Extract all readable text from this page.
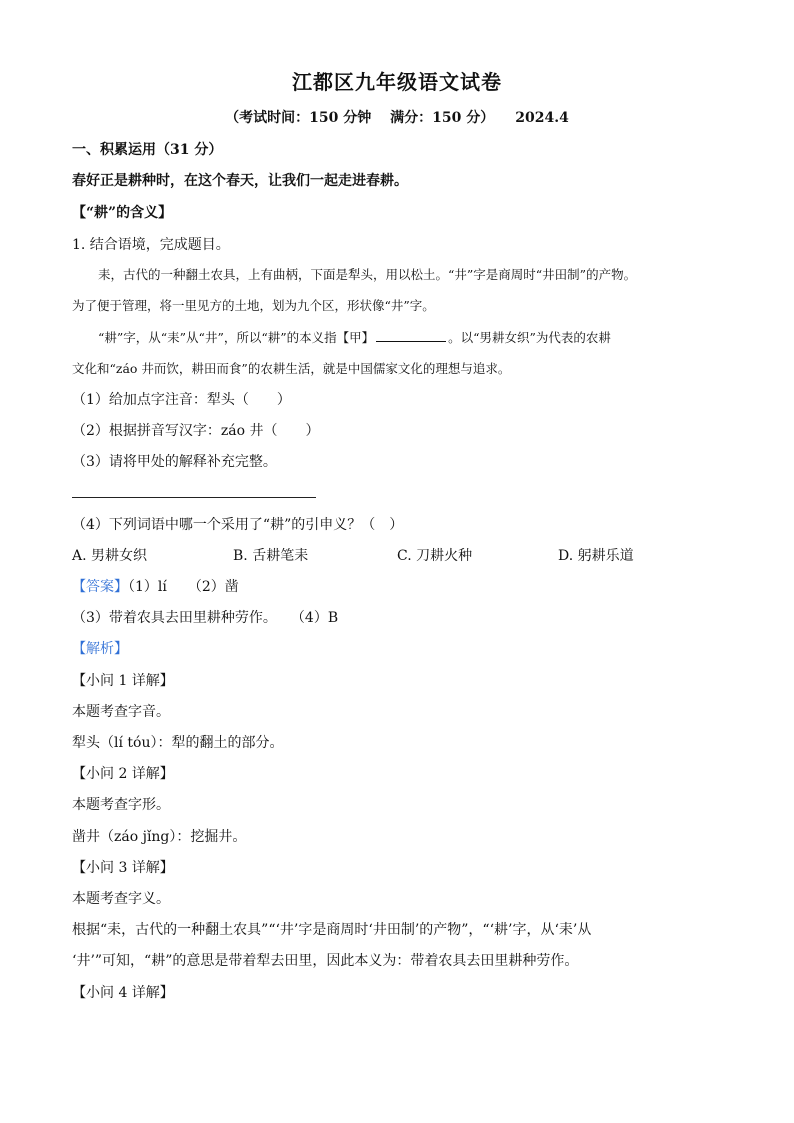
江都区九年级语文试卷
（考试时间：150 分钟　 满分：150 分）　　2024.4
一、积累运用（31 分）
春好正是耕种时，在这个春天，让我们一起走进春耕。
【“耕”的含义】
1. 结合语境，完成题目。
耒，古代的一种翻土农具，上有曲柄，下面是犁头，用以松土。“井”字是商周时“井田制”的产物。
为了便于管理，将一里见方的土地，划为九个区，形状像“井”字。
“耕”字，从“耒”从“井”，所以“耕”的本义指【甲】	。以“男耕女织”为代表的农耕
文化和“záo 井而饮，耕田而食”的农耕生活，就是中国儒家文化的理想与追求。
（1）给加点字注音：犁头（　　）
（2）根据拼音写汉字：záo 井（　　）
（3）请将甲处的解释补充完整。
（4）下列词语中哪一个采用了“耕”的引申义？（　）
A. 男耕女织	B. 舌耕笔耒	C. 刀耕火种	D. 躬耕乐道
【答案】（1）lí　　（2）凿
（3）带着农具去田里耕种劳作。　　（4）B
【解析】
【小问 1 详解】
本题考查字音。
犁头（lí tóu）：犁的翻土的部分。
【小问 2 详解】
本题考查字形。
凿井（záo jǐng）：挖掘井。
【小问 3 详解】
本题考查字义。
根据“耒，古代的一种翻土农具”“‘井’字是商周时‘井田制’的产物”，“‘耕’字，从‘耒’从
‘井’”可知，“耕”的意思是带着犁去田里，因此本义为：带着农具去田里耕种劳作。
【小问 4 详解】
